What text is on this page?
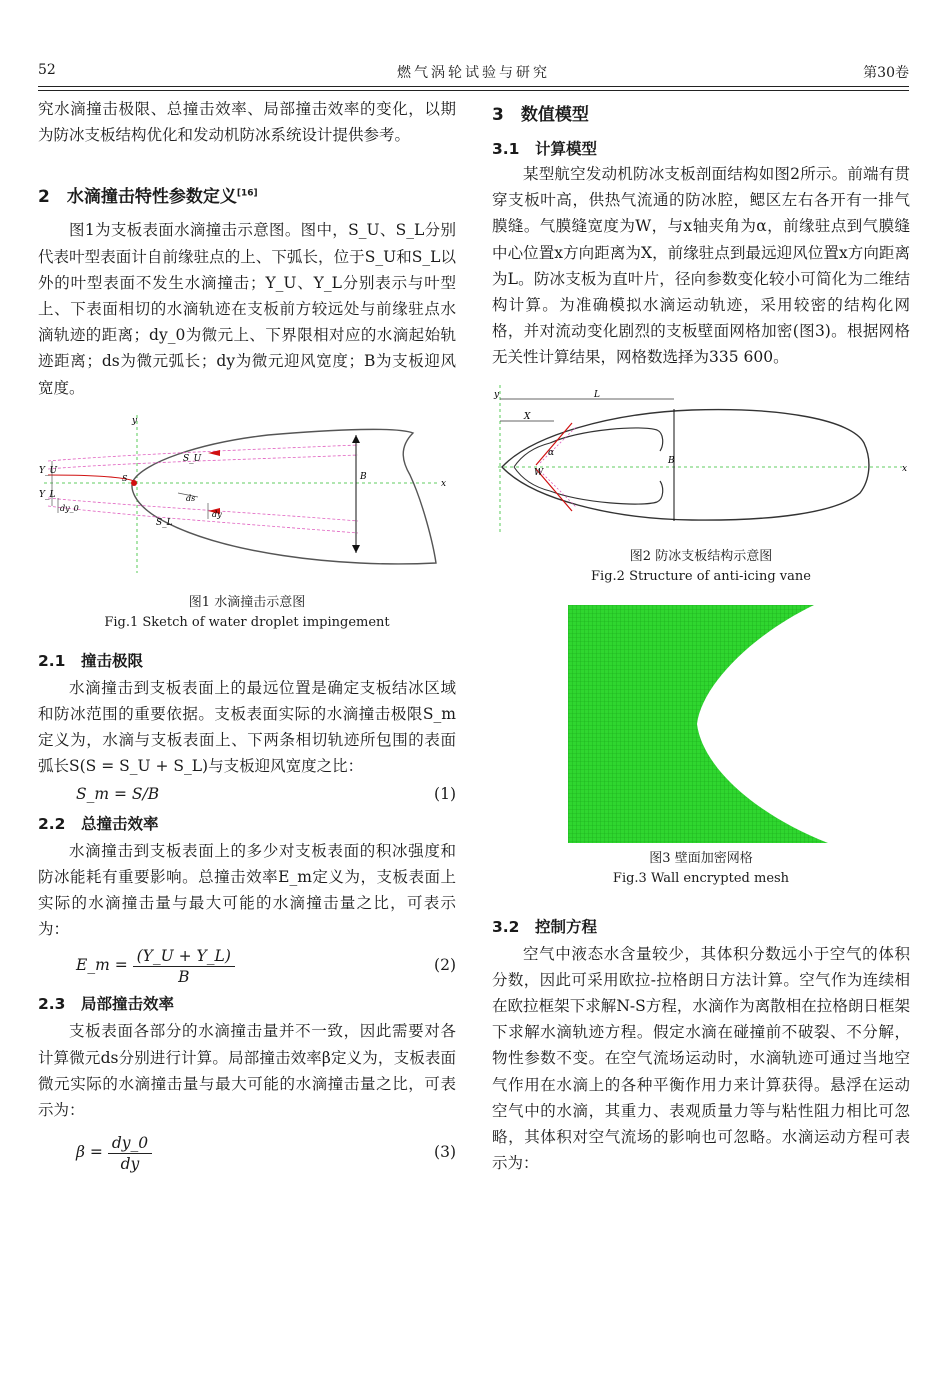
52	燃气涡轮试验与研究	第30卷

究水滴撞击极限、总撞击效率、局部撞击效率的变化，以期为防冰支板结构优化和发动机防冰系统设计提供参考。

2　水滴撞击特性参数定义[16]

图1为支板表面水滴撞击示意图。图中，S_U、S_L分别代表叶型表面计自前缘驻点的上、下弧长，位于S_U和S_L以外的叶型表面不发生水滴撞击；Y_U、Y_L分别表示与叶型上、下表面相切的水滴轨迹在支板前方较远处与前缘驻点水滴轨迹的距离；dy_0为微元上、下界限相对应的水滴起始轨迹距离；ds为微元弧长；dy为微元迎风宽度；B为支板迎风宽度。

y
B
x
S_U
S_L
Y_U
Y_L
dy_0
ds
dy
S
图1 水滴撞击示意图
Fig.1 Sketch of water droplet impingement
2.1　撞击极限

水滴撞击到支板表面上的最远位置是确定支板结冰区域和防冰范围的重要依据。支板表面实际的水滴撞击极限S_m定义为，水滴与支板表面上、下两条相切轨迹所包围的表面弧长S(S = S_U + S_L)与支板迎风宽度之比：

S_m = S/B	(1)
2.2　总撞击效率

水滴撞击到支板表面上的多少对支板表面的积冰强度和防冰能耗有重要影响。总撞击效率E_m定义为，支板表面上实际的水滴撞击量与最大可能的水滴撞击量之比，可表示为：

E_m = $\frac{(Y\_U + Y\_L)}{B}$	(2)
2.3　局部撞击效率

支板表面各部分的水滴撞击量并不一致，因此需要对各计算微元ds分别进行计算。局部撞击效率β定义为，支板表面微元实际的水滴撞击量与最大可能的水滴撞击量之比，可表示为：

$\beta = \frac{dy\_0}{dy}$	(3)
3　数值模型
3.1　计算模型

某型航空发动机防冰支板剖面结构如图2所示。前端有贯穿支板叶高，供热气流通的防冰腔，鳃区左右各开有一排气膜缝。气膜缝宽度为W，与x轴夹角为α，前缘驻点到气膜缝中心位置x方向距离为X，前缘驻点到最远迎风位置x方向距离为L。防冰支板为直叶片，径向参数变化较小可简化为二维结构计算。为准确模拟水滴运动轨迹，采用较密的结构化网格，并对流动变化剧烈的支板壁面网格加密(图3)。根据网格无关性计算结果，网格数选择为335 600。

y	L
X
α
W
B
x
图2 防冰支板结构示意图
Fig.2 Structure of anti-icing vane
图3 壁面加密网格
Fig.3 Wall encrypted mesh
3.2　控制方程

空气中液态水含量较少，其体积分数远小于空气的体积分数，因此可采用欧拉-拉格朗日方法计算。空气作为连续相在欧拉框架下求解N-S方程，水滴作为离散相在拉格朗日框架下求解水滴轨迹方程。假定水滴在碰撞前不破裂、不分解，物性参数不变。在空气流场运动时，水滴轨迹可通过当地空气作用在水滴上的各种平衡作用力来计算获得。悬浮在运动空气中的水滴，其重力、表观质量力等与粘性阻力相比可忽略，其体积对空气流场的影响也可忽略。水滴运动方程可表示为：
